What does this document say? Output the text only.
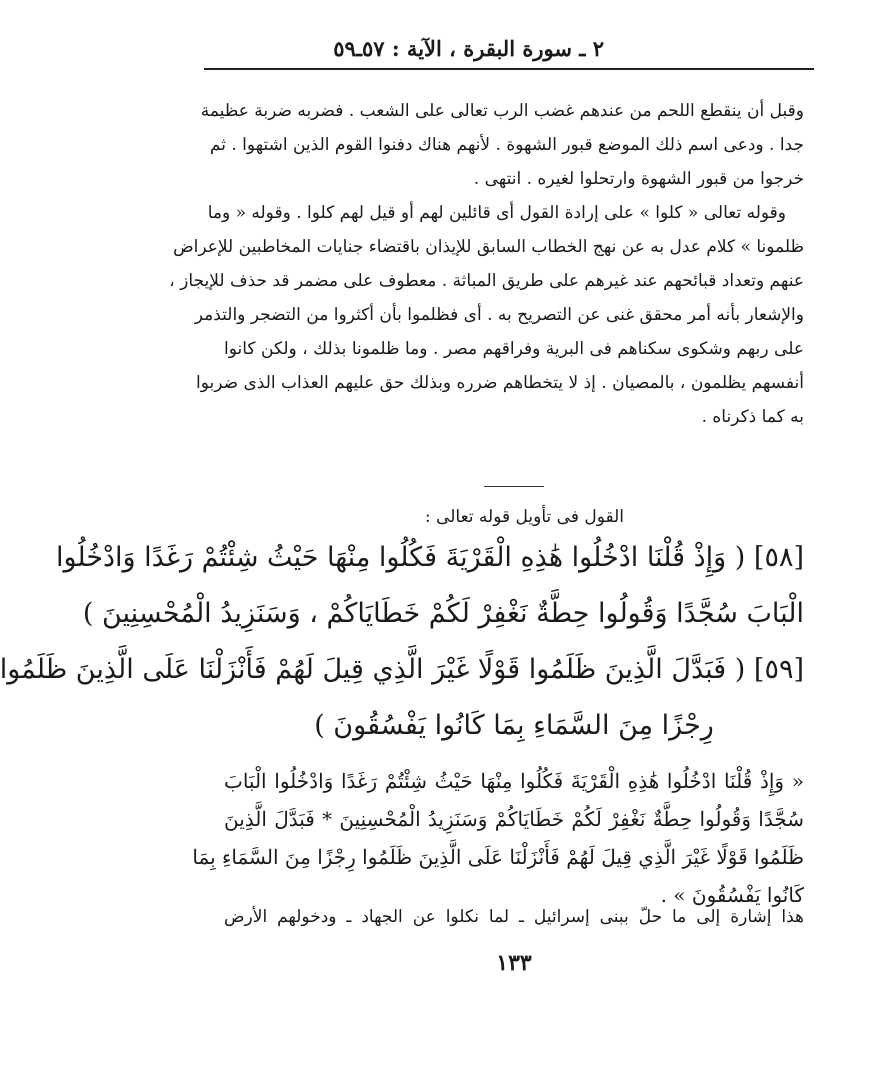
٢ ـ سورة البقرة ، الآية : ٥٧ـ٥٩
وقبل أن ينقطع اللحم من عندهم غضب الرب تعالى على الشعب . فضربه ضربة عظيمة
جدا . ودعى اسم ذلك الموضع قبور الشهوة . لأنهم هناك دفنوا القوم الذين اشتهوا . ثم
خرجوا من قبور الشهوة وارتحلوا لغيره . انتهى .
وقوله تعالى « كلوا » على إرادة القول أى قائلين لهم أو قيل لهم كلوا . وقوله « وما
ظلمونا » كلام عدل به عن نهج الخطاب السابق للإيذان باقتضاء جنايات المخاطبين للإعراض
عنهم وتعداد قبائحهم عند غيرهم على طريق المباثة . معطوف على مضمر قد حذف للإيجاز ،
والإشعار بأنه أمر محقق غنى عن التصريح به . أى فظلموا بأن أكثروا من التضجر والتذمر
على ربهم وشكوى سكناهم فى البرية وفراقهم مصر . وما ظلمونا بذلك ، ولكن كانوا
أنفسهم يظلمون ، بالمصيان . إذ لا يتخطاهم ضرره وبذلك حق عليهم العذاب الذى ضربوا
به كما ذكرناه .
القول فى تأويل قوله تعالى :
[٥٨] ( وَإِذْ قُلْنَا ادْخُلُوا هَٰذِهِ الْقَرْيَةَ فَكُلُوا مِنْهَا حَيْثُ شِئْتُمْ رَغَدًا وَادْخُلُوا
الْبَابَ سُجَّدًا وَقُولُوا حِطَّةٌ نَغْفِرْ لَكُمْ خَطَايَاكُمْ ، وَسَنَزِيدُ الْمُحْسِنِينَ )
[٥٩] ( فَبَدَّلَ الَّذِينَ ظَلَمُوا قَوْلًا غَيْرَ الَّذِي قِيلَ لَهُمْ فَأَنْزَلْنَا عَلَى الَّذِينَ ظَلَمُوا
رِجْزًا مِنَ السَّمَاءِ بِمَا كَانُوا يَفْسُقُونَ )
« وَإِذْ قُلْنَا ادْخُلُوا هَٰذِهِ الْقَرْيَةَ فَكُلُوا مِنْهَا حَيْثُ شِئْتُمْ رَغَدًا وَادْخُلُوا الْبَابَ
سُجَّدًا وَقُولُوا حِطَّةٌ نَغْفِرْ لَكُمْ خَطَايَاكُمْ وَسَنَزِيدُ الْمُحْسِنِينَ * فَبَدَّلَ الَّذِينَ
ظَلَمُوا قَوْلًا غَيْرَ الَّذِي قِيلَ لَهُمْ فَأَنْزَلْنَا عَلَى الَّذِينَ ظَلَمُوا رِجْزًا مِنَ السَّمَاءِ بِمَا
كَانُوا يَفْسُقُونَ » .
هذا إشارة إلى ما حلّ ببنى إسرائيل ـ لما نكلوا عن الجهاد ـ ودخولهم الأرض
١٣٣
